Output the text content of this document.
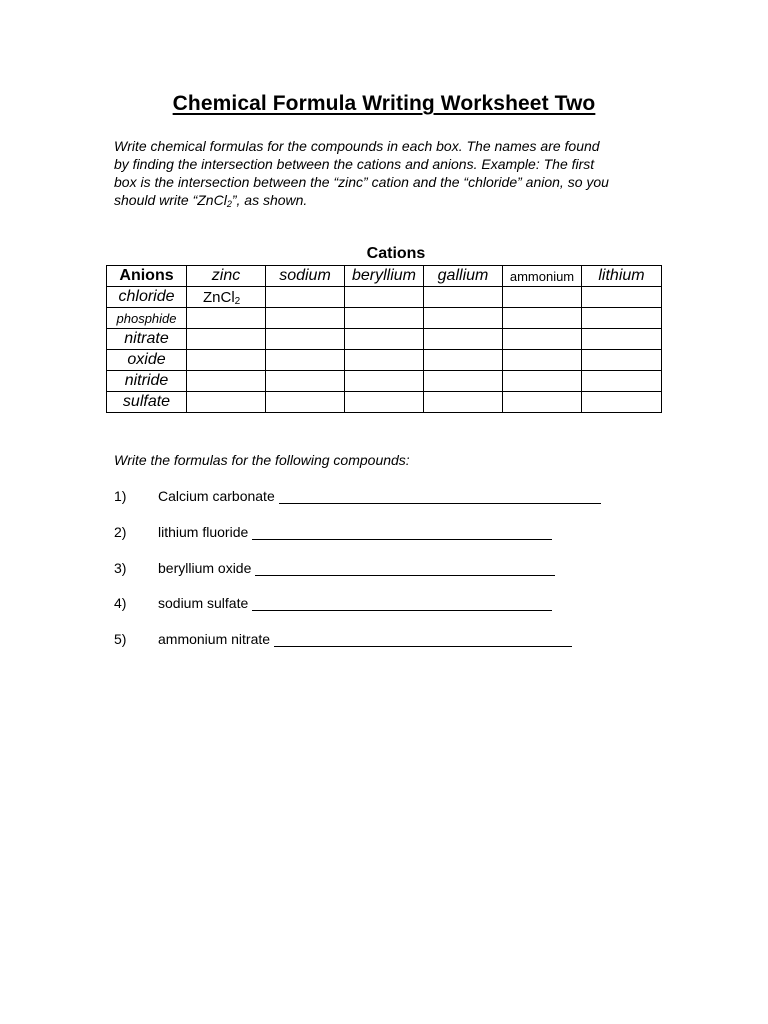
Chemical Formula Writing Worksheet Two
Write chemical formulas for the compounds in each box. The names are found
by finding the intersection between the cations and anions. Example: The first
box is the intersection between the “zinc” cation and the “chloride” anion, so you
should write “ZnCl$_2$”, as shown.
Cations
Anions	zinc	sodium	beryllium	gallium	ammonium	lithium
chloride	ZnCl$_2$					
phosphide						
nitrate						
oxide						
nitride						
sulfate						
Write the formulas for the following compounds:
1) Calcium carbonate
2) lithium fluoride
3) beryllium oxide
4) sodium sulfate
5) ammonium nitrate
